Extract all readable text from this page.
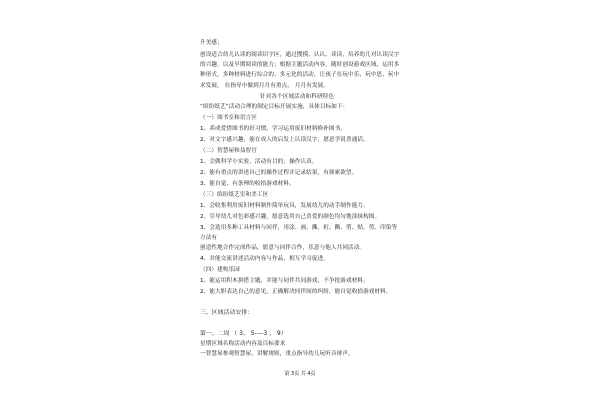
升美感；
创设适合幼儿认读的阅读识字区，通过搜摸、认认、读读，培养幼儿对认读汉字
的兴趣，以及早期阅读的能力；根据主题活动内容，随时创设游戏区域，运用多
种形式，多种材料进行综合的、多元化的活动，让孩子在玩中乐、玩中思、玩中
求发展。 在指导中做到月月有重点， 月月有发展。
针对各个区域活动和科研特色
“缤纷纸艺”活动合理的制定目标开展实施，具体目标如下：
（一）图书室和语言区
1、养成爱惜图书的好习惯，学习运用废旧材料修补图书。
2、对文字感兴趣，能在成人的启发上认读汉字，愿意学说普通话。
（二）智慧屋和益智宫
1、会做科学小实验，活动有目的，操作认真。
2、能有重点的讲述自己的操作过程并记录结果，有探索欲望。
3、能自觉、有条理的收拾游戏材料。
（三）缤纷纸艺室和美工区
1、会收集利用废旧材料制作简单玩具，发展幼儿的动手制作能力。
2、引导幼儿对色彩感兴趣，愿意选用自己喜爱的颜色均匀地涂抹构图。
3、会选用多种工具材料与同伴，用涂、画、撕、折、撕、剪、贴、剪、印染等
方法有
创造性地合作完成作品，愿意与同伴合作，乐意与他人共同活动。
4、并能交流讲述活动内容与作品，相互学习促进。
（四）建构乐园
1、能运用积木拼搭主题，并能与同伴共同游戏，不争抢游戏材料。
2、能大胆表达自己的意见，正确解决同伴间的纠纷，能自觉收拾游戏材料。
三、区域活动安排：
第一、二周 （ 3、 5----3 、 9）
星期区域名称活动内容及目标要求
一智慧屋参观智慧屋，讲解规则，重点指导幼儿玩听音辩声。
第 3页 共 4页
